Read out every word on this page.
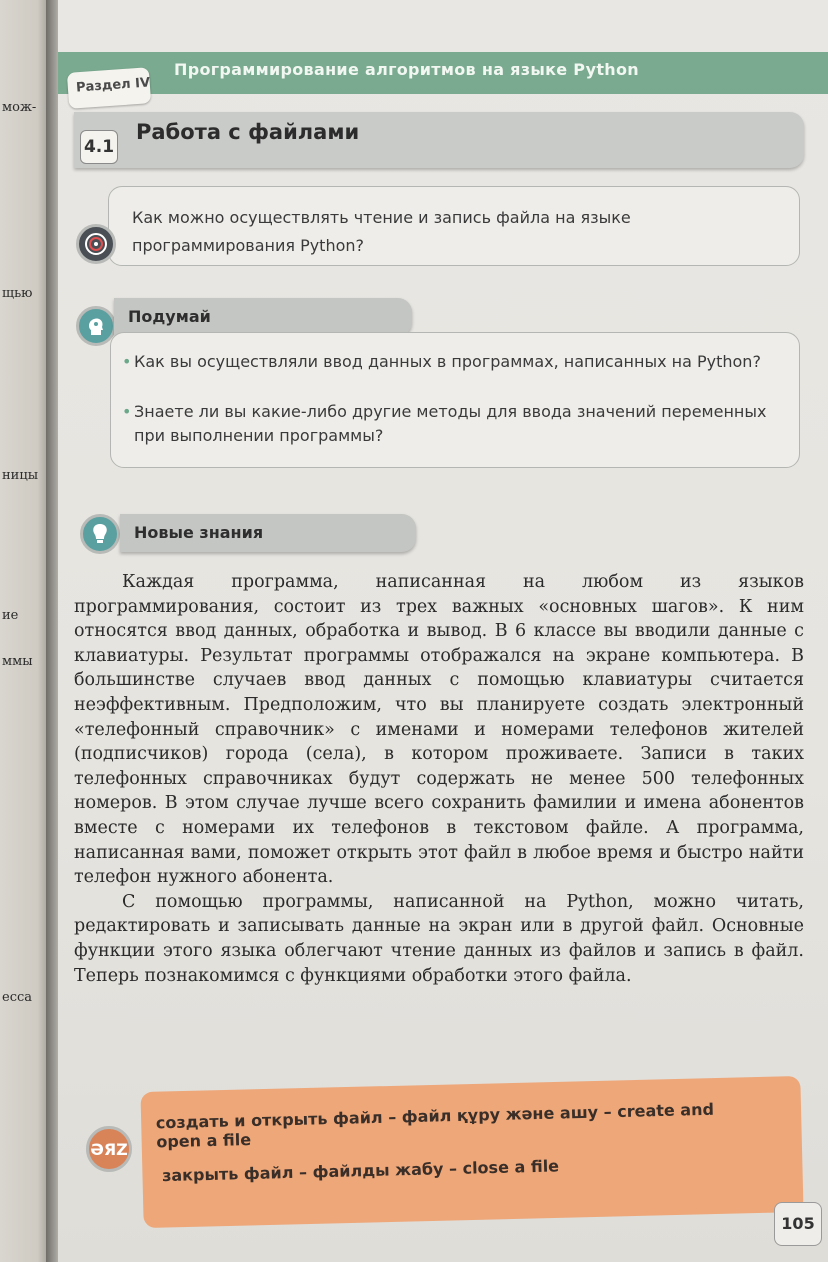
мож-
щью
ницы
ие
ммы
есса
Программирование алгоритмов на языке Python
Раздел IV
4.1
Работа с файлами
Как можно осуществлять чтение и запись файла на языке программирования Python?
Подумай
• Как вы осуществляли ввод данных в программах, написанных на Python?
• Знаете ли вы какие-либо другие методы для ввода значений переменных при выполнении программы?
Новые знания

Каждая программа, написанная на любом из языков программирования, состоит из трех важных «основных шагов». К ним относятся ввод данных, обработка и вывод. В 6 классе вы вводили данные с клавиатуры. Результат программы отображался на экране компьютера. В большинстве случаев ввод данных с помощью клавиатуры считается неэффективным. Предположим, что вы планируете создать электронный «телефонный справочник» с именами и номерами телефонов жителей (подписчиков) города (села), в котором проживаете. Записи в таких телефонных справочниках будут содержать не менее 500 телефонных номеров. В этом случае лучше всего сохранить фамилии и имена абонентов вместе с номерами их телефонов в текстовом файле. А программа, написанная вами, поможет открыть этот файл в любое время и быстро найти телефон нужного абонента.

С помощью программы, написанной на Python, можно читать, редактировать и записывать данные на экран или в другой файл. Основные функции этого языка облегчают чтение данных из файлов и запись в файл. Теперь познакомимся с функциями обработки этого файла.

ӘЯZ
создать и открыть файл – файл құру және ашу – create and open a file
закрыть файл – файлды жабу – close a file
105
